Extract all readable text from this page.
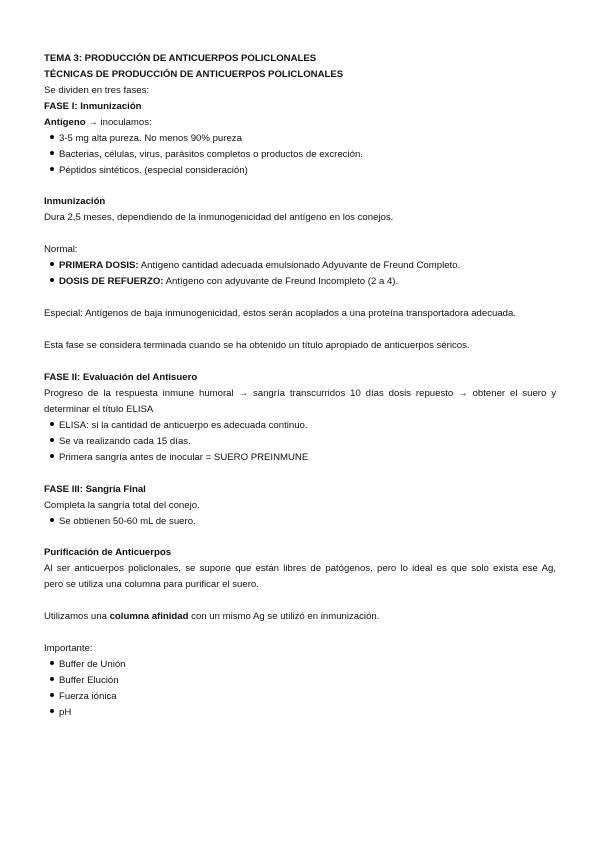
TEMA 3: PRODUCCIÓN DE ANTICUERPOS POLICLONALES
TÉCNICAS DE PRODUCCIÓN DE ANTICUERPOS POLICLONALES
Se dividen en tres fases:
FASE I: Inmunización
Antígeno → inoculamos:
3-5 mg alta pureza. No menos 90% pureza
Bacterias, células, virus, parásitos completos o productos de excreción.
Péptidos sintéticos. (especial consideración)
Inmunización
Dura 2,5 meses, dependiendo de la inmunogenicidad del antígeno en los conejos.
Normal:
PRIMERA DOSIS: Antígeno cantidad adecuada emulsionado Adyuvante de Freund Completo.
DOSIS DE REFUERZO: Antígeno con adyuvante de Freund Incompleto (2 a 4).
Especial: Antígenos de baja inmunogenicidad, éstos serán acoplados a una proteína transportadora adecuada.
Esta fase se considera terminada cuando se ha obtenido un título apropiado de anticuerpos séricos.
FASE II: Evaluación del Antisuero
Progreso de la respuesta inmune humoral → sangría transcurridos 10 días dosis repuesto → obtener el suero y
determinar el título ELISA
ELISA: si la cantidad de anticuerpo es adecuada continuo.
Se va realizando cada 15 días.
Primera sangría antes de inocular = SUERO PREINMUNE
FASE III: Sangría Final
Completa la sangría total del conejo.
Se obtienen 50-60 mL de suero.
Purificación de Anticuerpos
Al ser anticuerpos policlonales, se supone que están libres de patógenos, pero lo ideal es que solo exista ese Ag,
pero se utiliza una columna para purificar el suero.
Utilizamos una columna afinidad con un mismo Ag se utilizó en inmunización.
Importante:
Buffer de Unión
Buffer Elución
Fuerza iónica
pH
